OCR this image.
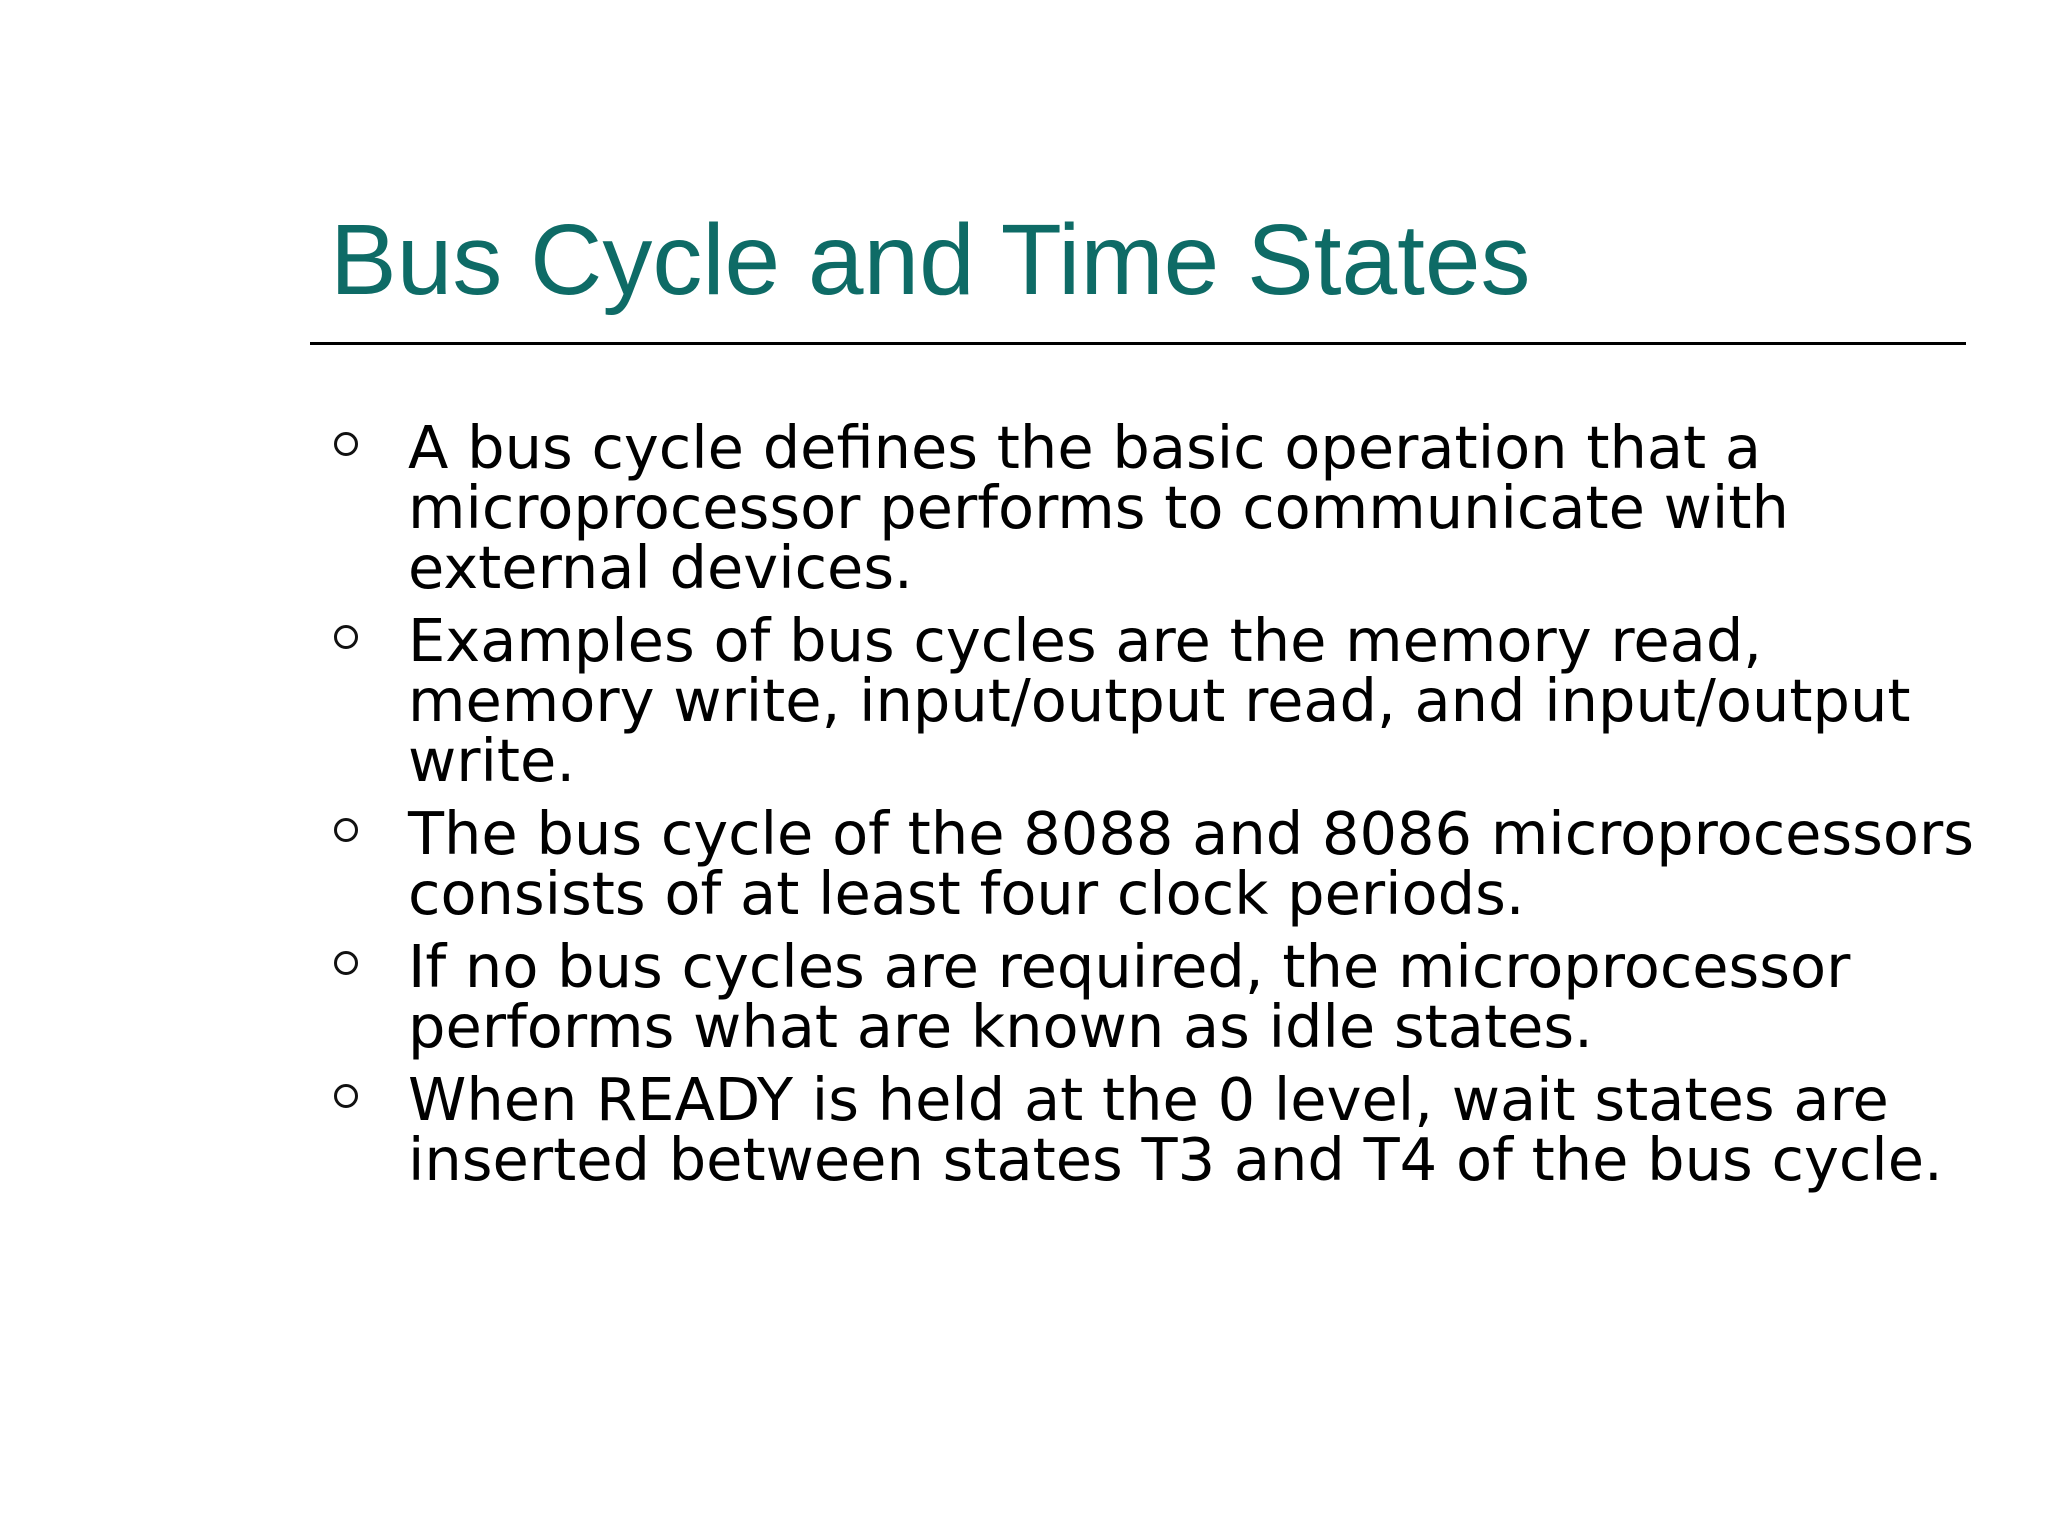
Bus Cycle and Time States
A bus cycle defines the basic operation that a microprocessor performs to communicate with external devices.
Examples of bus cycles are the memory read, memory write, input/output read, and input/output write.
The bus cycle of the 8088 and 8086 microprocessors consists of at least four clock periods.
If no bus cycles are required, the microprocessor performs what are known as idle states.
When READY is held at the 0 level, wait states are inserted between states T3 and T4 of the bus cycle.
